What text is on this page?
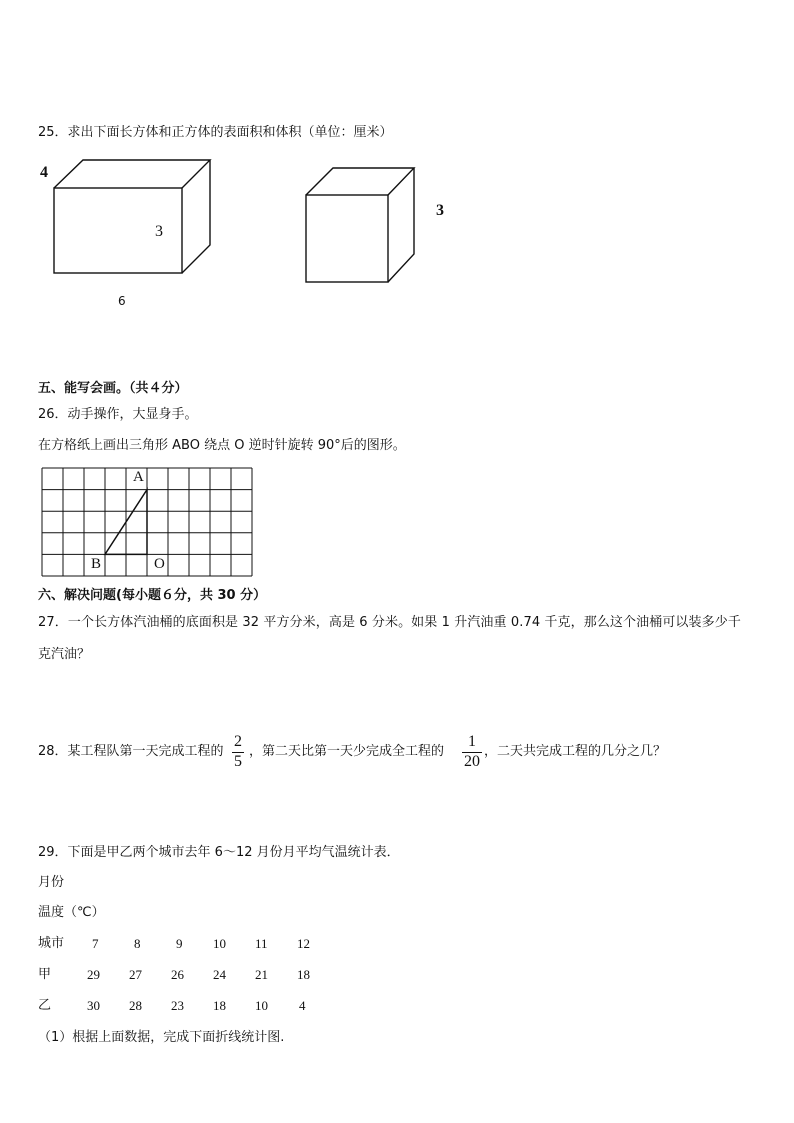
25．求出下面长方体和正方体的表面积和体积（单位：厘米）
4
3
6
3
五、能写会画。（共４分）
26．动手操作，大显身手。
在方格纸上画出三角形 ABO 绕点 O 逆时针旋转 90°后的图形。
A
B	O
六、解决问题(每小题６分，共 30 分）
27．一个长方体汽油桶的底面积是 32 平方分米，高是 6 分米。如果 1 升汽油重 0.74 千克，那么这个油桶可以装多少千
克汽油？
28．某工程队第一天完成工程的
2
5
，第二天比第一天少完成全工程的
1
20
，二天共完成工程的几分之几？
29．下面是甲乙两个城市去年 6～12 月份月平均气温统计表．
月份
温度（℃）
城市 7	8	9 10 11 12
甲	29 27 26 24 21 18
乙	30 28 23 18 10 4
（1）根据上面数据，完成下面折线统计图.
